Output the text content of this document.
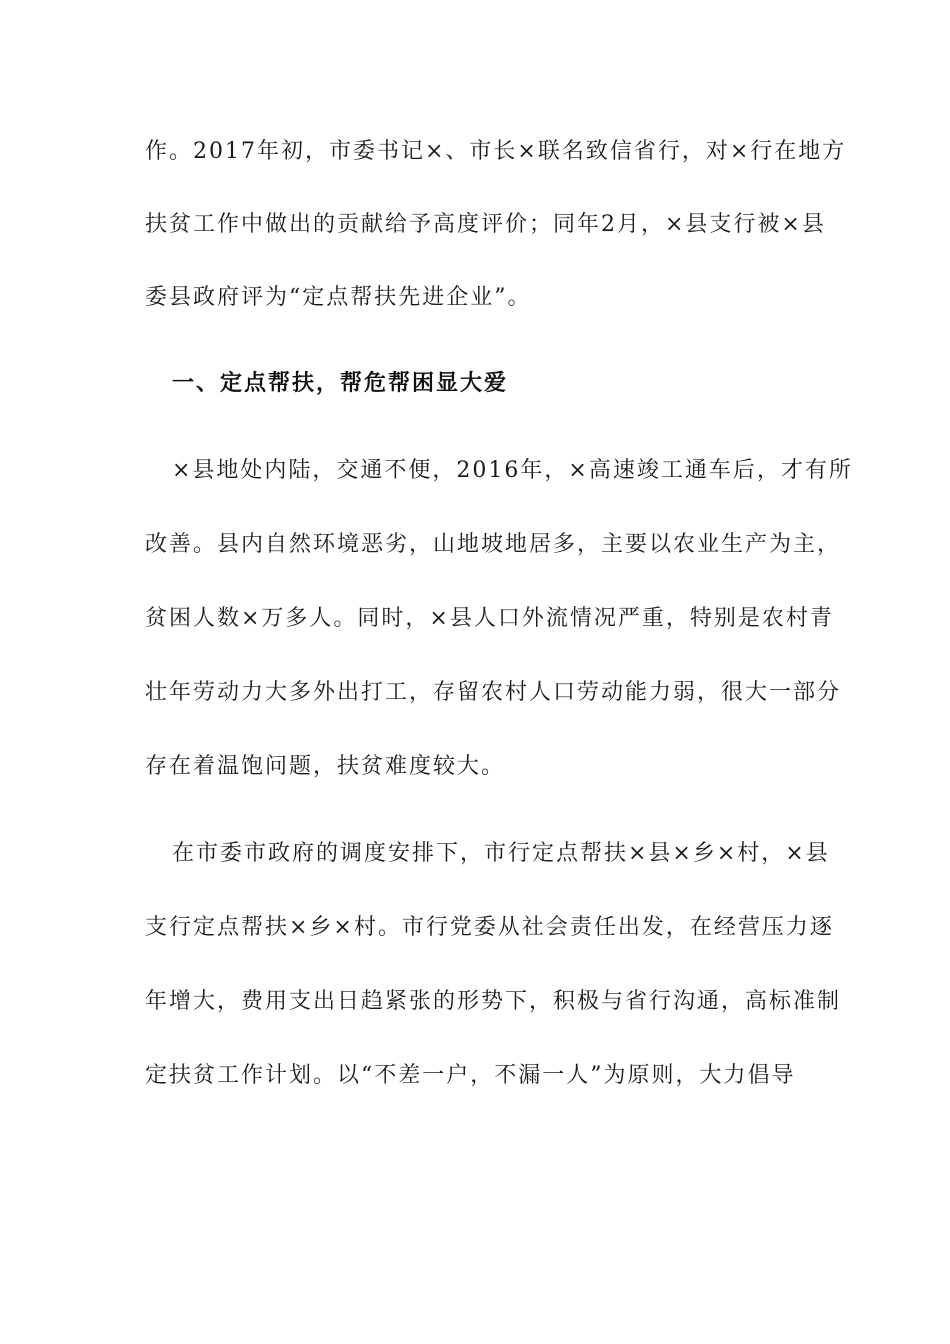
作。2017年初，市委书记×、市长×联名致信省行，对×行在地方
扶贫工作中做出的贡献给予高度评价；同年2月，×县支行被×县
委县政府评为“定点帮扶先进企业”。
一、定点帮扶，帮危帮困显大爱
×县地处内陆，交通不便，2016年，×高速竣工通车后，才有所
改善。县内自然环境恶劣，山地坡地居多，主要以农业生产为主，
贫困人数×万多人。同时，×县人口外流情况严重，特别是农村青
壮年劳动力大多外出打工，存留农村人口劳动能力弱，很大一部分
存在着温饱问题，扶贫难度较大。
在市委市政府的调度安排下，市行定点帮扶×县×乡×村，×县
支行定点帮扶×乡×村。市行党委从社会责任出发，在经营压力逐
年增大，费用支出日趋紧张的形势下，积极与省行沟通，高标准制
定扶贫工作计划。以“不差一户，不漏一人”为原则，大力倡导
